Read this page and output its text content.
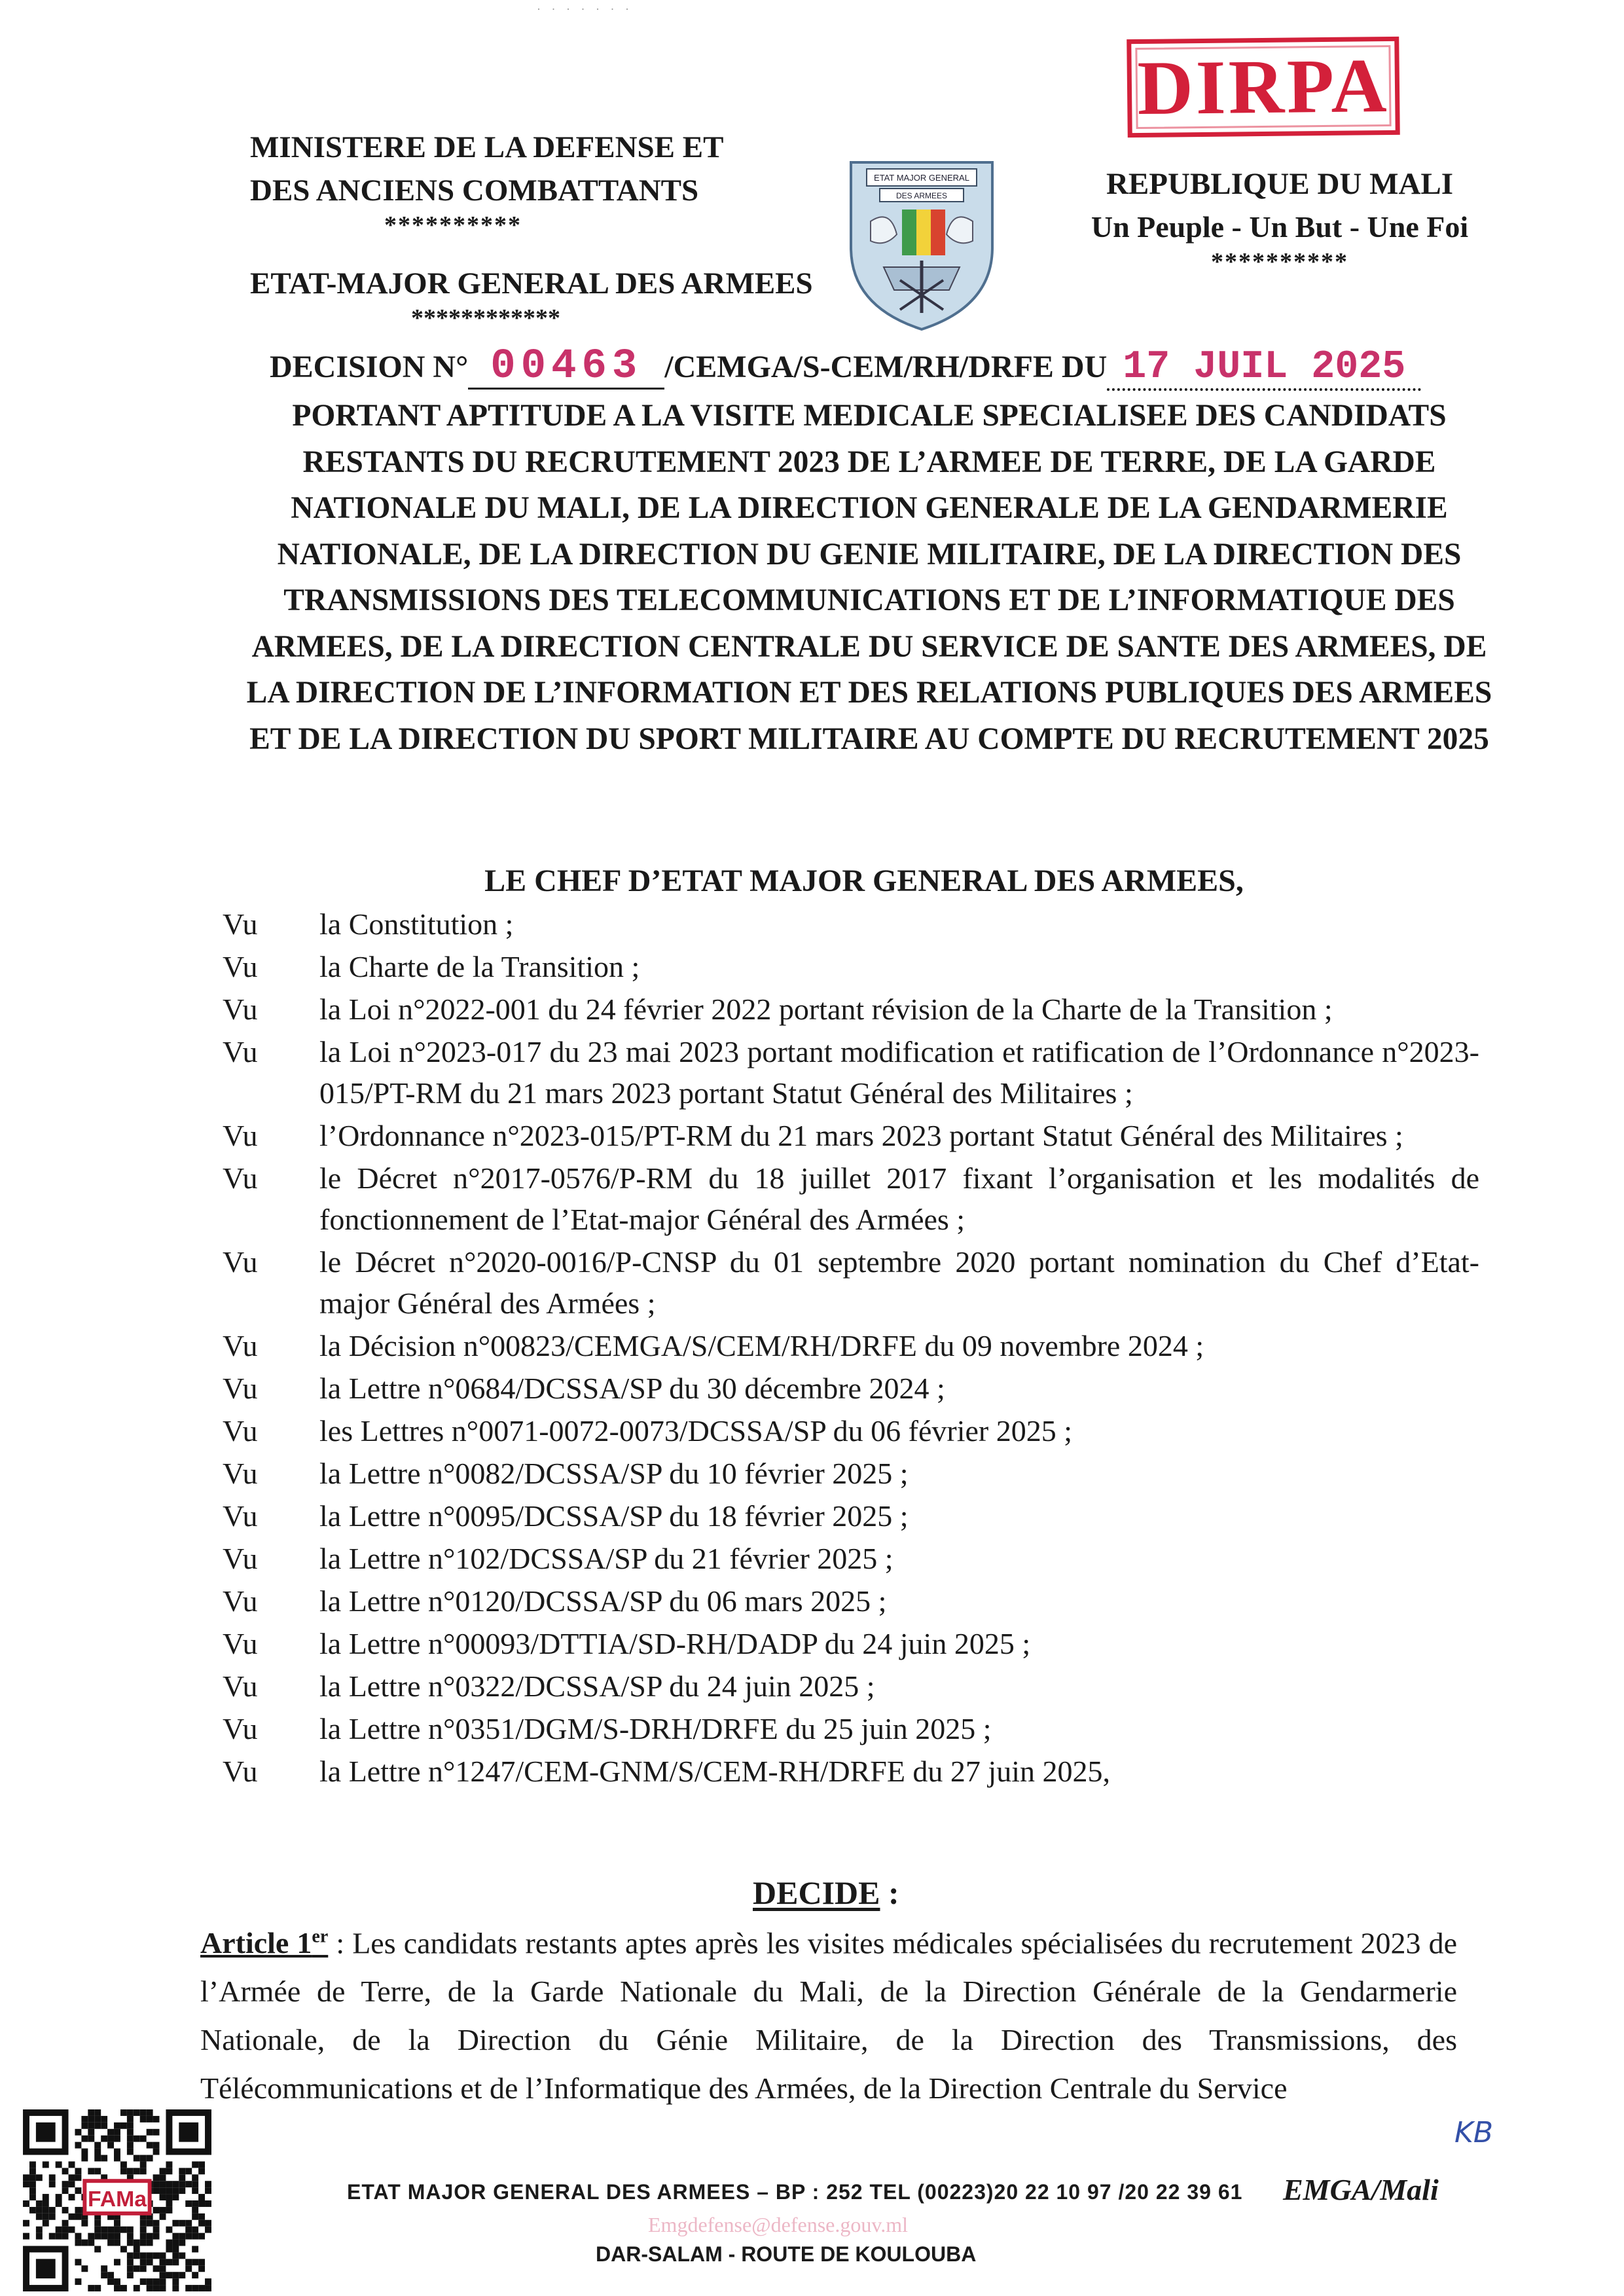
· · · · · · ·
DIRPA
MINISTERE DE LA DEFENSE ET
DES ANCIENS COMBATTANTS
**********
ETAT-MAJOR GENERAL DES ARMEES
************
ETAT MAJOR GENERAL
DES ARMEES	REPUBLIQUE DU MALI
Un Peuple - Un But - Une Foi
**********
DECISION N° 00463 /CEMGA/S-CEM/RH/DRFE DU 17 JUIL 2025
PORTANT APTITUDE A LA VISITE MEDICALE SPECIALISEE DES CANDIDATS RESTANTS DU RECRUTEMENT 2023 DE L’ARMEE DE TERRE, DE LA GARDE NATIONALE DU MALI, DE LA DIRECTION GENERALE DE LA GENDARMERIE NATIONALE, DE LA DIRECTION DU GENIE MILITAIRE, DE LA DIRECTION DES TRANSMISSIONS DES TELECOMMUNICATIONS ET DE L’INFORMATIQUE DES ARMEES, DE LA DIRECTION CENTRALE DU SERVICE DE SANTE DES ARMEES, DE LA DIRECTION DE L’INFORMATION ET DES RELATIONS PUBLIQUES DES ARMEES ET DE LA DIRECTION DU SPORT MILITAIRE AU COMPTE DU RECRUTEMENT 2025
LE CHEF D’ETAT MAJOR GENERAL DES ARMEES,
Vu la Constitution ;
Vu la Charte de la Transition ;
Vu la Loi n°2022-001 du 24 février 2022 portant révision de la Charte de la Transition ;
Vu la Loi n°2023-017 du 23 mai 2023 portant modification et ratification de l’Ordonnance n°2023-015/PT-RM du 21 mars 2023 portant Statut Général des Militaires ;
Vu l’Ordonnance n°2023-015/PT-RM du 21 mars 2023 portant Statut Général des Militaires ;
Vu le Décret n°2017-0576/P-RM du 18 juillet 2017 fixant l’organisation et les modalités de fonctionnement de l’Etat-major Général des Armées ;
Vu le Décret n°2020-0016/P-CNSP du 01 septembre 2020 portant nomination du Chef d’Etat-major Général des Armées ;
Vu la Décision n°00823/CEMGA/S/CEM/RH/DRFE du 09 novembre 2024 ;
Vu la Lettre n°0684/DCSSA/SP du 30 décembre 2024 ;
Vu les Lettres n°0071-0072-0073/DCSSA/SP du 06 février 2025 ;
Vu la Lettre n°0082/DCSSA/SP du 10 février 2025 ;
Vu la Lettre n°0095/DCSSA/SP du 18 février 2025 ;
Vu la Lettre n°102/DCSSA/SP du 21 février 2025 ;
Vu la Lettre n°0120/DCSSA/SP du 06 mars 2025 ;
Vu la Lettre n°00093/DTTIA/SD-RH/DADP du 24 juin 2025 ;
Vu la Lettre n°0322/DCSSA/SP du 24 juin 2025 ;
Vu la Lettre n°0351/DGM/S-DRH/DRFE du 25 juin 2025 ;
Vu la Lettre n°1247/CEM-GNM/S/CEM-RH/DRFE du 27 juin 2025,
DECIDE :
Article 1er : Les candidats restants aptes après les visites médicales spécialisées du recrutement 2023 de l’Armée de Terre, de la Garde Nationale du Mali, de la Direction Générale de la Gendarmerie Nationale, de la Direction du Génie Militaire, de la Direction des Transmissions, des Télécommunications et de l’Informatique des Armées, de la Direction Centrale du Service
KB
FAMa	ETAT MAJOR GENERAL DES ARMEES – BP : 252 TEL (00223)20 22 10 97 /20 22 39 61 EMGA/Mali
Emgdefense@defense.gouv.ml
DAR-SALAM - ROUTE DE KOULOUBA
